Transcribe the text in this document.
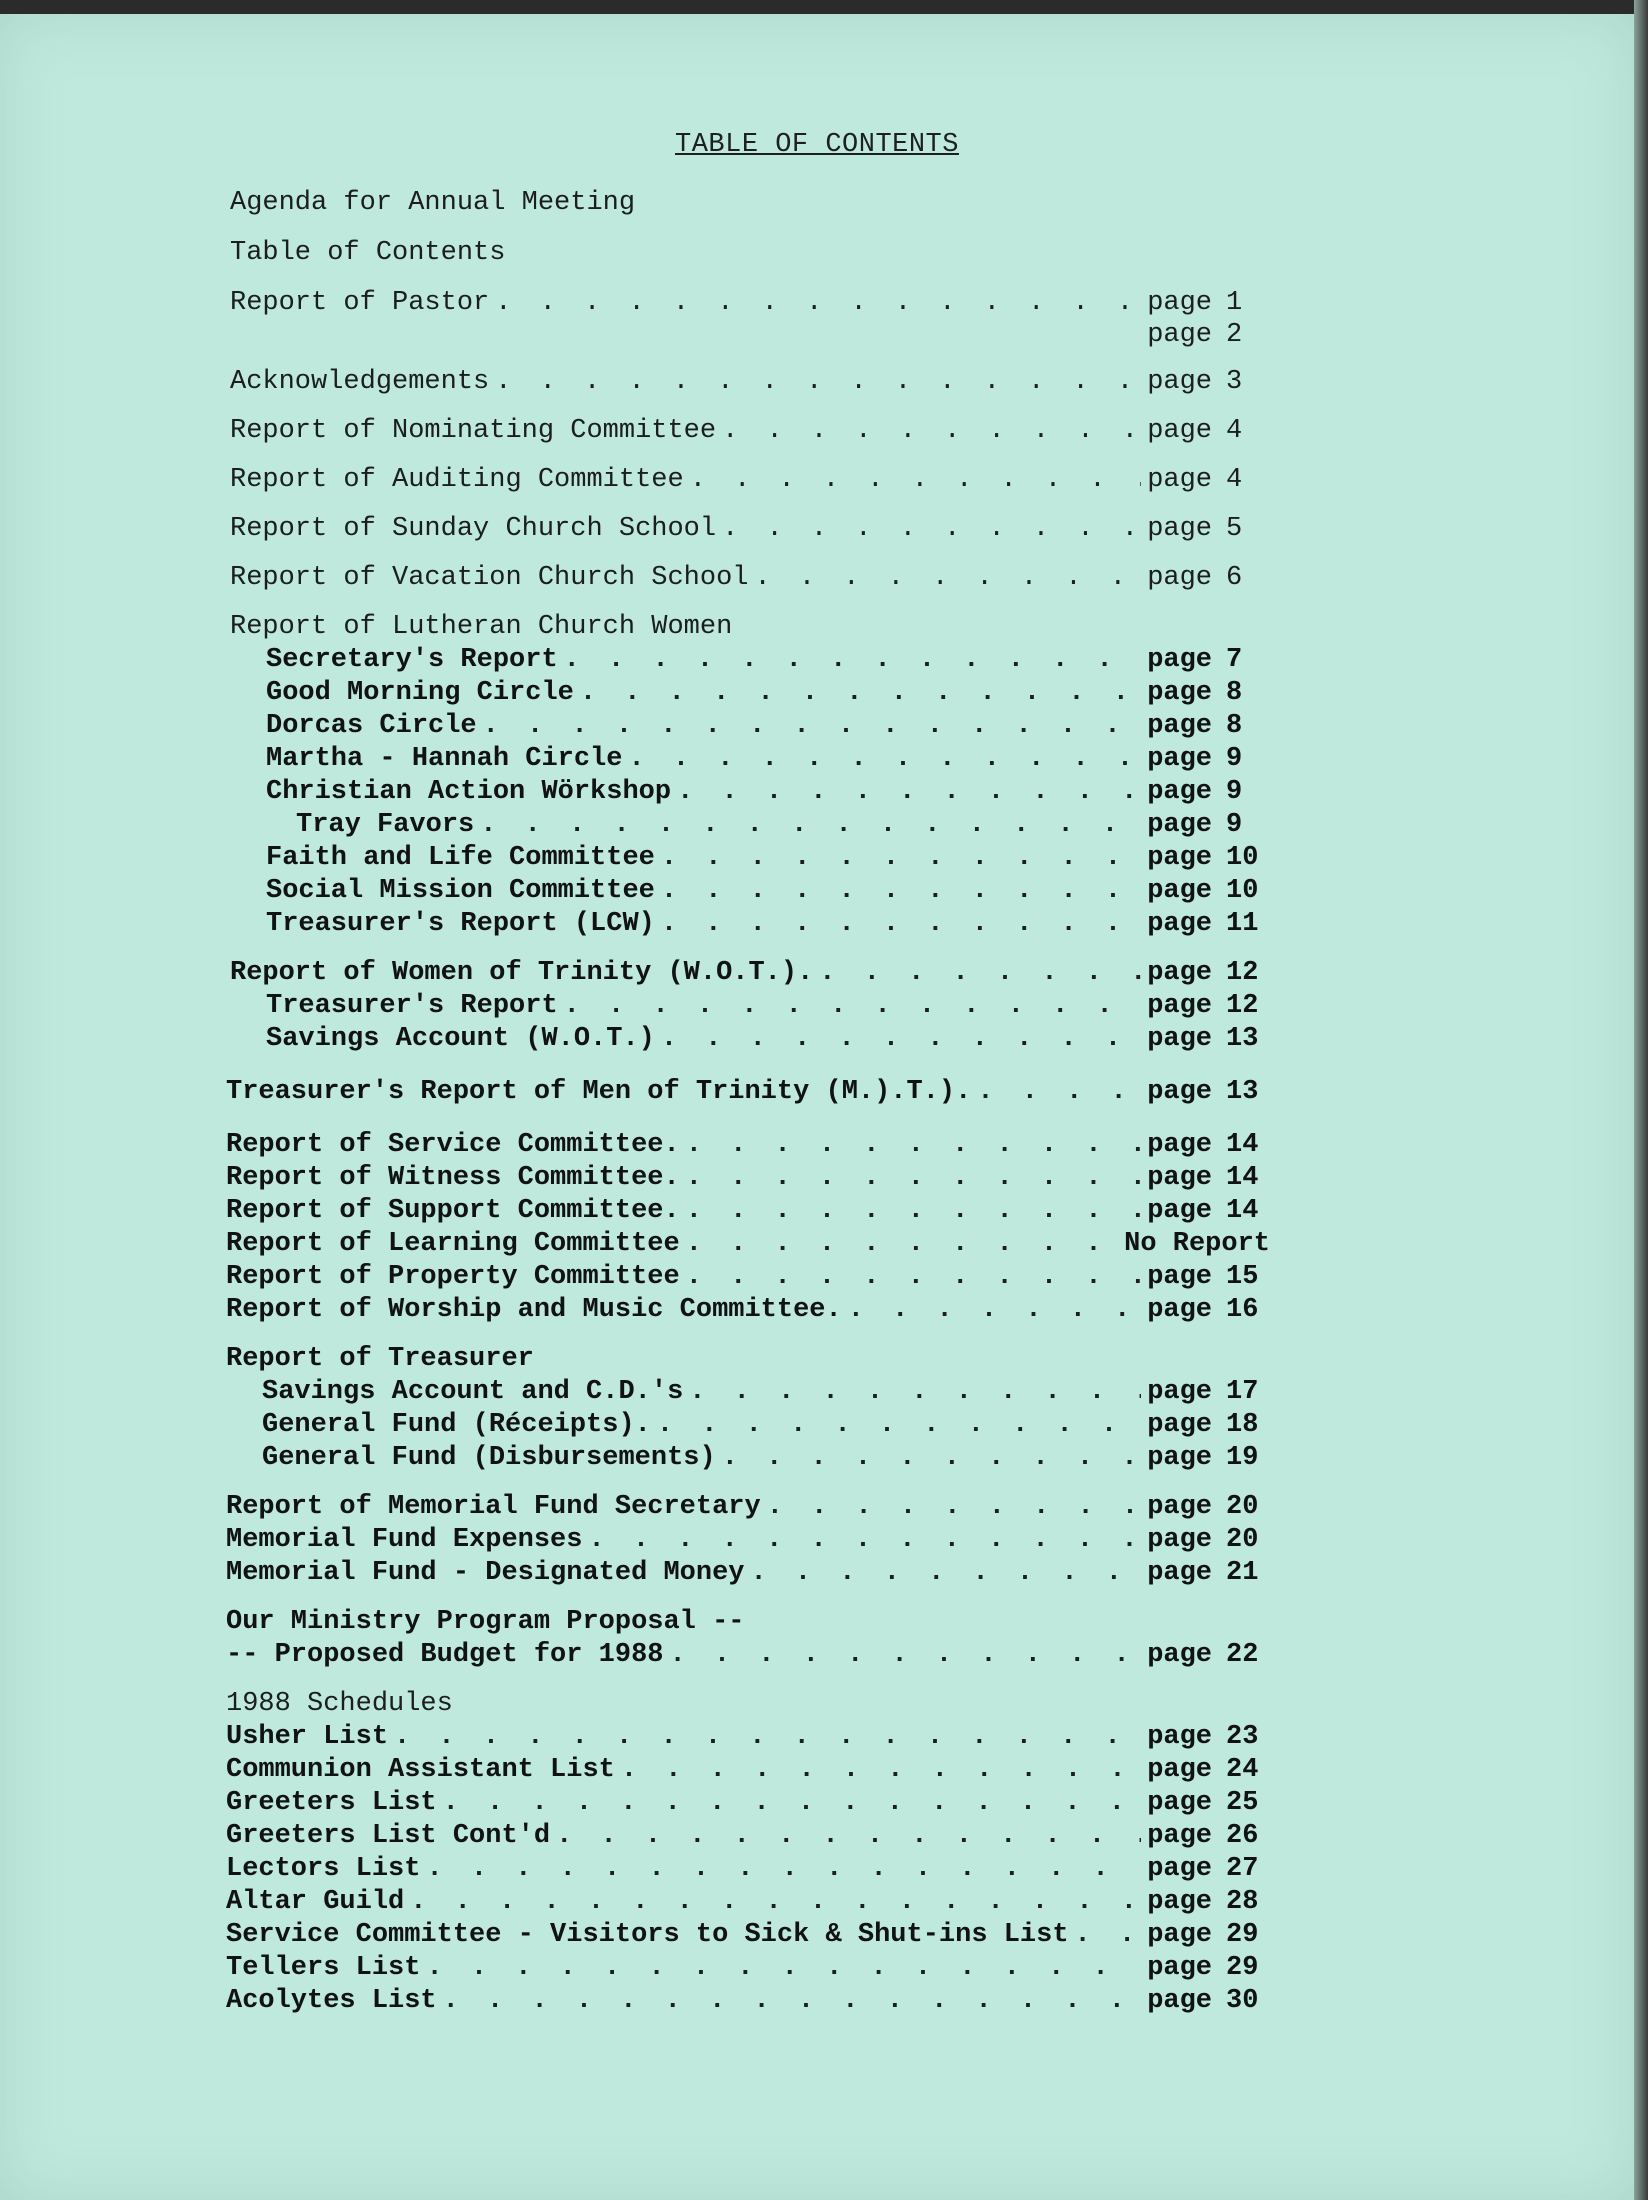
TABLE OF CONTENTS
Agenda for Annual Meeting
Table of Contents
Report of Pastor . . .	page 1
page 2
Acknowledgements . . .	page 3
Report of Nominating Committee . . .	page 4
Report of Auditing Committee . . .	page 4
Report of Sunday Church School . . .	page 5
Report of Vacation Church School . . .	page 6
Report of Lutheran Church Women
Secretary's Report . . .	page 7
Good Morning Circle . . .	page 8
Dorcas Circle . . .	page 8
Martha - Hannah Circle . . .	page 9
Christian Action Wörkshop . . .	page 9
Tray Favors . . .	page 9
Faith and Life Committee . . .	page 10
Social Mission Committee . . .	page 10
Treasurer's Report (LCW) . . .	page 11
Report of Women of Trinity (W.O.T.). . . .	page 12
Treasurer's Report . . .	page 12
Savings Account (W.O.T.) . . .	page 13
Treasurer's Report of Men of Trinity (M.).T.). . . .	page 13
Report of Service Committee. . . .	page 14
Report of Witness Committee. . . .	page 14
Report of Support Committee. . . .	page 14
Report of Learning Committee . . .	No Report
Report of Property Committee . . .	page 15
Report of Worship and Music Committee. . . .	page 16
Report of Treasurer
Savings Account and C.D.'s . . .	page 17
General Fund (Réceipts). . . .	page 18
General Fund (Disbursements) . . .	page 19
Report of Memorial Fund Secretary . . .	page 20
Memorial Fund Expenses . . .	page 20
Memorial Fund - Designated Money . . .	page 21
Our Ministry Program Proposal --
-- Proposed Budget for 1988 . . .	page 22
1988 Schedules
Usher List . . .	page 23
Communion Assistant List . . .	page 24
Greeters List . . .	page 25
Greeters List Cont'd . . .	page 26
Lectors List . . .	page 27
Altar Guild . . .	page 28
Service Committee - Visitors to Sick & Shut-ins List . . .	page 29
Tellers List . . .	page 29
Acolytes List . . .	page 30
